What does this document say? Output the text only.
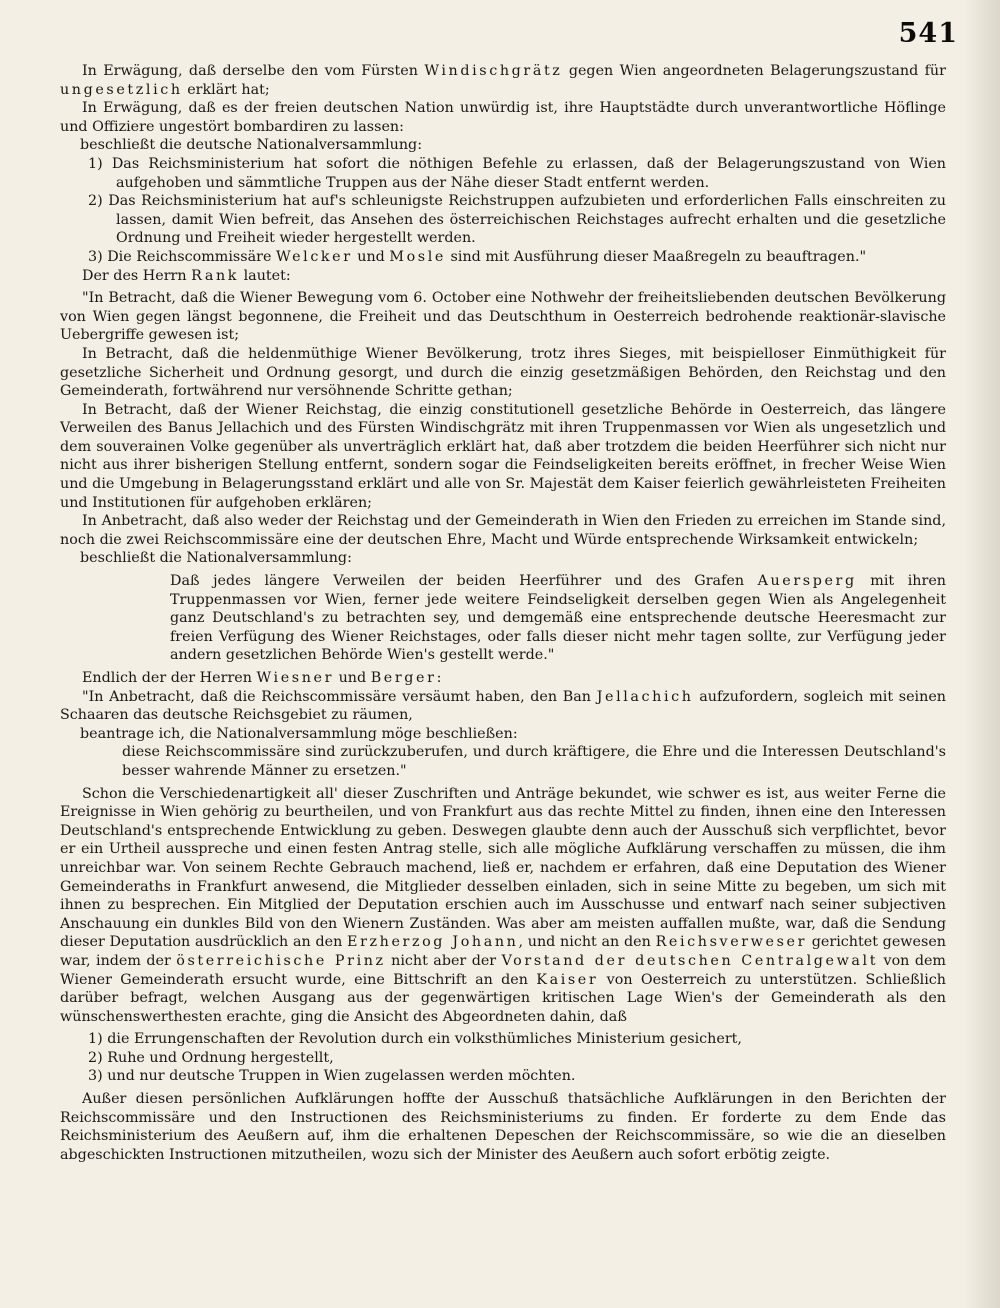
541

In Erwägung, daß derselbe den vom Fürsten Windischgrätz gegen Wien angeordneten Belagerungszustand für ungesetzlich erklärt hat;

In Erwägung, daß es der freien deutschen Nation unwürdig ist, ihre Hauptstädte durch unverantwortliche Höflinge und Offiziere ungestört bombardiren zu lassen:

beschließt die deutsche Nationalversammlung:

1) Das Reichsministerium hat sofort die nöthigen Befehle zu erlassen, daß der Belagerungszustand von Wien aufgehoben und sämmtliche Truppen aus der Nähe dieser Stadt entfernt werden.

2) Das Reichsministerium hat auf's schleunigste Reichstruppen aufzubieten und erforderlichen Falls einschreiten zu lassen, damit Wien befreit, das Ansehen des österreichischen Reichstages aufrecht erhalten und die gesetzliche Ordnung und Freiheit wieder hergestellt werden.

3) Die Reichscommissäre Welcker und Mosle sind mit Ausführung dieser Maaßregeln zu beauftragen."

Der des Herrn Rank lautet:

"In Betracht, daß die Wiener Bewegung vom 6. October eine Nothwehr der freiheitsliebenden deutschen Bevölkerung von Wien gegen längst begonnene, die Freiheit und das Deutschthum in Oesterreich bedrohende reaktionär-slavische Uebergriffe gewesen ist;

In Betracht, daß die heldenmüthige Wiener Bevölkerung, trotz ihres Sieges, mit beispielloser Einmüthigkeit für gesetzliche Sicherheit und Ordnung gesorgt, und durch die einzig gesetzmäßigen Behörden, den Reichstag und den Gemeinderath, fortwährend nur versöhnende Schritte gethan;

In Betracht, daß der Wiener Reichstag, die einzig constitutionell gesetzliche Behörde in Oesterreich, das längere Verweilen des Banus Jellachich und des Fürsten Windischgrätz mit ihren Truppenmassen vor Wien als ungesetzlich und dem souverainen Volke gegenüber als unverträglich erklärt hat, daß aber trotzdem die beiden Heerführer sich nicht nur nicht aus ihrer bisherigen Stellung entfernt, sondern sogar die Feindseligkeiten bereits eröffnet, in frecher Weise Wien und die Umgebung in Belagerungsstand erklärt und alle von Sr. Majestät dem Kaiser feierlich gewährleisteten Freiheiten und Institutionen für aufgehoben erklären;

In Anbetracht, daß also weder der Reichstag und der Gemeinderath in Wien den Frieden zu erreichen im Stande sind, noch die zwei Reichscommissäre eine der deutschen Ehre, Macht und Würde entsprechende Wirksamkeit entwickeln;

beschließt die Nationalversammlung:

Daß jedes längere Verweilen der beiden Heerführer und des Grafen Auersperg mit ihren Truppenmassen vor Wien, ferner jede weitere Feindseligkeit derselben gegen Wien als Angelegenheit ganz Deutschland's zu betrachten sey, und demgemäß eine entsprechende deutsche Heeresmacht zur freien Verfügung des Wiener Reichstages, oder falls dieser nicht mehr tagen sollte, zur Verfügung jeder andern gesetzlichen Behörde Wien's gestellt werde."

Endlich der der Herren Wiesner und Berger:

"In Anbetracht, daß die Reichscommissäre versäumt haben, den Ban Jellachich aufzufordern, sogleich mit seinen Schaaren das deutsche Reichsgebiet zu räumen,

beantrage ich, die Nationalversammlung möge beschließen:

diese Reichscommissäre sind zurückzuberufen, und durch kräftigere, die Ehre und die Interessen Deutschland's besser wahrende Männer zu ersetzen."

Schon die Verschiedenartigkeit all' dieser Zuschriften und Anträge bekundet, wie schwer es ist, aus weiter Ferne die Ereignisse in Wien gehörig zu beurtheilen, und von Frankfurt aus das rechte Mittel zu finden, ihnen eine den Interessen Deutschland's entsprechende Entwicklung zu geben. Deswegen glaubte denn auch der Ausschuß sich verpflichtet, bevor er ein Urtheil ausspreche und einen festen Antrag stelle, sich alle mögliche Aufklärung verschaffen zu müssen, die ihm unreichbar war. Von seinem Rechte Gebrauch machend, ließ er, nachdem er erfahren, daß eine Deputation des Wiener Gemeinderaths in Frankfurt anwesend, die Mitglieder desselben einladen, sich in seine Mitte zu begeben, um sich mit ihnen zu besprechen. Ein Mitglied der Deputation erschien auch im Ausschusse und entwarf nach seiner subjectiven Anschauung ein dunkles Bild von den Wienern Zuständen. Was aber am meisten auffallen mußte, war, daß die Sendung dieser Deputation ausdrücklich an den Erzherzog Johann, und nicht an den Reichsverweser gerichtet gewesen war, indem der österreichische Prinz nicht aber der Vorstand der deutschen Centralgewalt von dem Wiener Gemeinderath ersucht wurde, eine Bittschrift an den Kaiser von Oesterreich zu unterstützen. Schließlich darüber befragt, welchen Ausgang aus der gegenwärtigen kritischen Lage Wien's der Gemeinderath als den wünschenswerthesten erachte, ging die Ansicht des Abgeordneten dahin, daß

1) die Errungenschaften der Revolution durch ein volksthümliches Ministerium gesichert,

2) Ruhe und Ordnung hergestellt,

3) und nur deutsche Truppen in Wien zugelassen werden möchten.

Außer diesen persönlichen Aufklärungen hoffte der Ausschuß thatsächliche Aufklärungen in den Berichten der Reichscommissäre und den Instructionen des Reichsministeriums zu finden. Er forderte zu dem Ende das Reichsministerium des Aeußern auf, ihm die erhaltenen Depeschen der Reichscommissäre, so wie die an dieselben abgeschickten Instructionen mitzutheilen, wozu sich der Minister des Aeußern auch sofort erbötig zeigte.
